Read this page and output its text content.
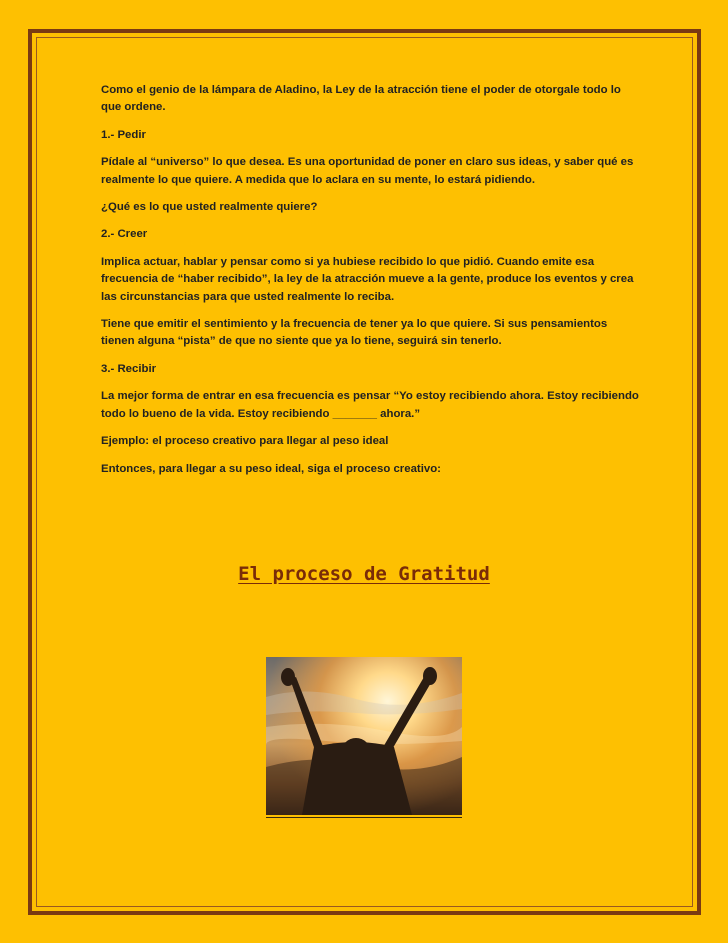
Como el genio de la lámpara de Aladino, la Ley de la atracción tiene el poder de otorgale todo lo que ordene.

1.- Pedir

Pídale al “universo” lo que desea. Es una oportunidad de poner en claro sus ideas, y saber qué es realmente lo que quiere. A medida que lo aclara en su mente, lo estará pidiendo.

¿Qué es lo que usted realmente quiere?

2.- Creer

Implica actuar, hablar y pensar como si ya hubiese recibido lo que pidió. Cuando emite esa frecuencia de “haber recibido”, la ley de la atracción mueve a la gente, produce los eventos y crea las circunstancias para que usted realmente lo reciba.

Tiene que emitir el sentimiento y la frecuencia de tener ya lo que quiere. Si sus pensamientos tienen alguna “pista” de que no siente que ya lo tiene, seguirá sin tenerlo.

3.- Recibir

La mejor forma de entrar en esa frecuencia es pensar “Yo estoy recibiendo ahora. Estoy recibiendo todo lo bueno de la vida. Estoy recibiendo _______ ahora.”

Ejemplo: el proceso creativo para llegar al peso ideal

Entonces, para llegar a su peso ideal, siga el proceso creativo:

El proceso de Gratitud
